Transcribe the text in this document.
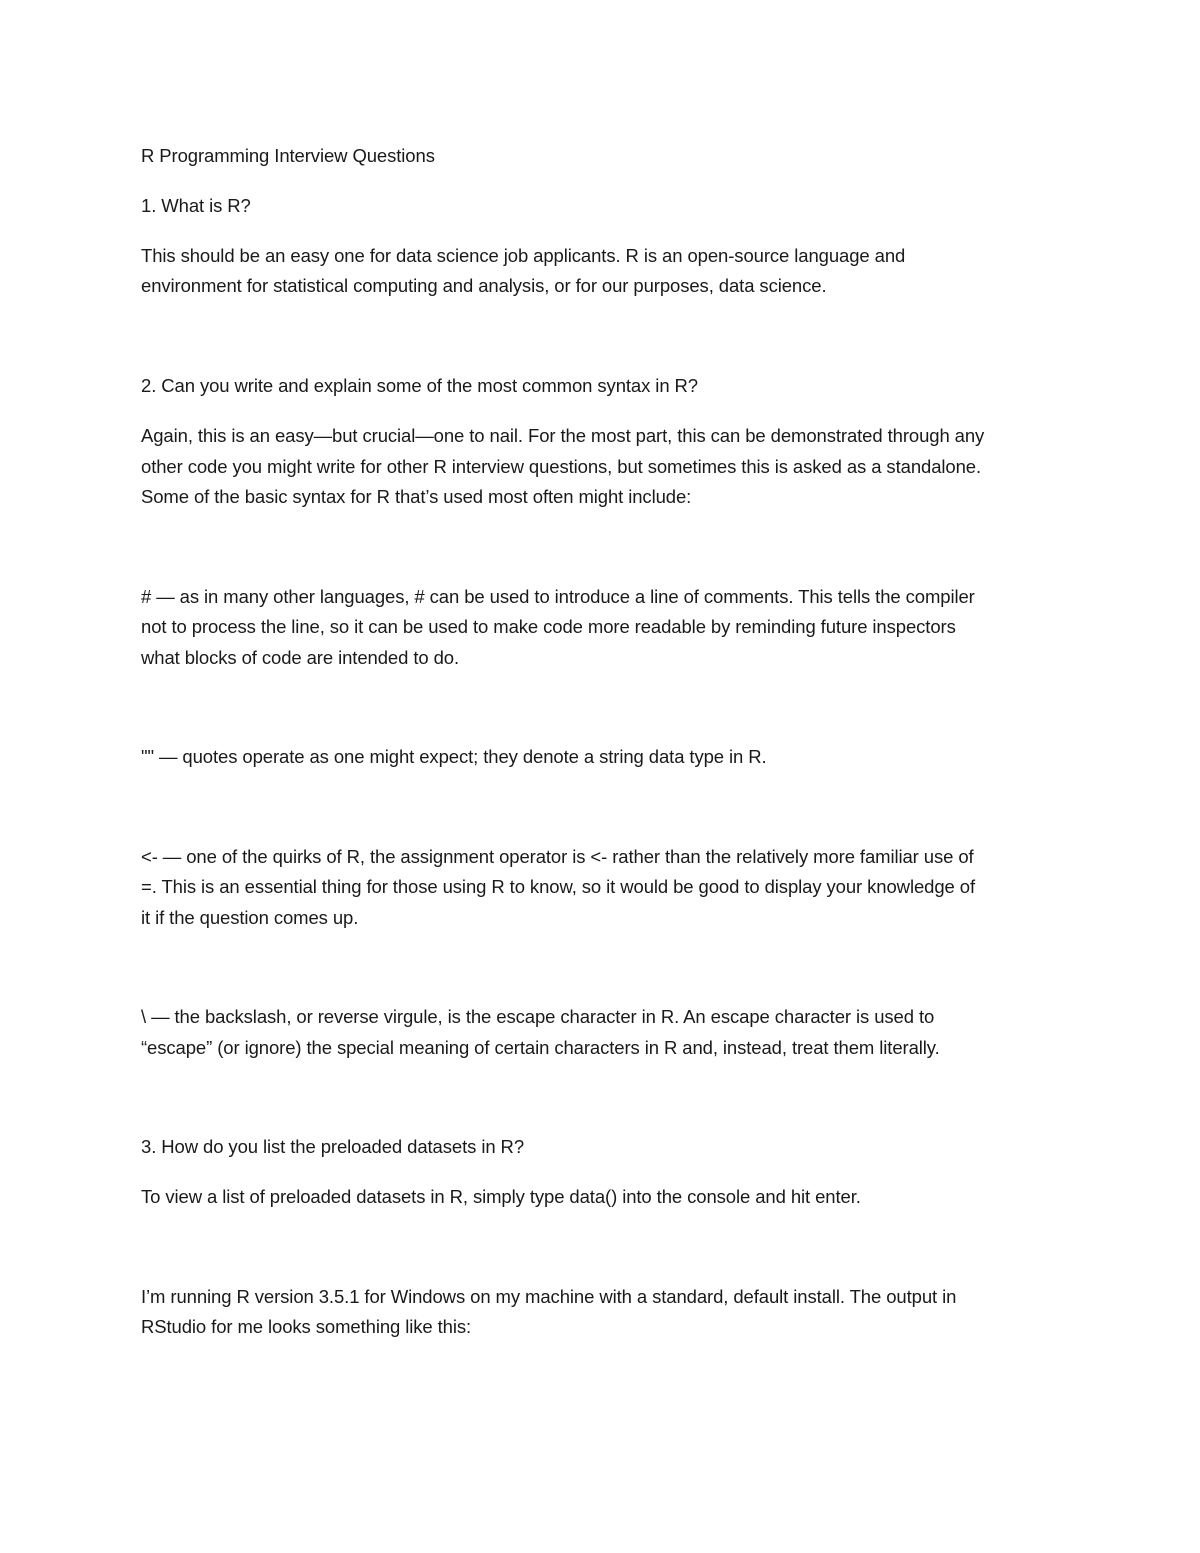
R Programming Interview Questions

1. What is R?

This should be an easy one for data science job applicants. R is an open-source language and

environment for statistical computing and analysis, or for our purposes, data science.

2. Can you write and explain some of the most common syntax in R?

Again, this is an easy—but crucial—one to nail. For the most part, this can be demonstrated through any

other code you might write for other R interview questions, but sometimes this is asked as a standalone.

Some of the basic syntax for R that’s used most often might include:

# — as in many other languages, # can be used to introduce a line of comments. This tells the compiler

not to process the line, so it can be used to make code more readable by reminding future inspectors

what blocks of code are intended to do.

"" — quotes operate as one might expect; they denote a string data type in R.

<- — one of the quirks of R, the assignment operator is <- rather than the relatively more familiar use of

=. This is an essential thing for those using R to know, so it would be good to display your knowledge of

it if the question comes up.

\ — the backslash, or reverse virgule, is the escape character in R. An escape character is used to

“escape” (or ignore) the special meaning of certain characters in R and, instead, treat them literally.

3. How do you list the preloaded datasets in R?

To view a list of preloaded datasets in R, simply type data() into the console and hit enter.

I’m running R version 3.5.1 for Windows on my machine with a standard, default install. The output in

RStudio for me looks something like this:
